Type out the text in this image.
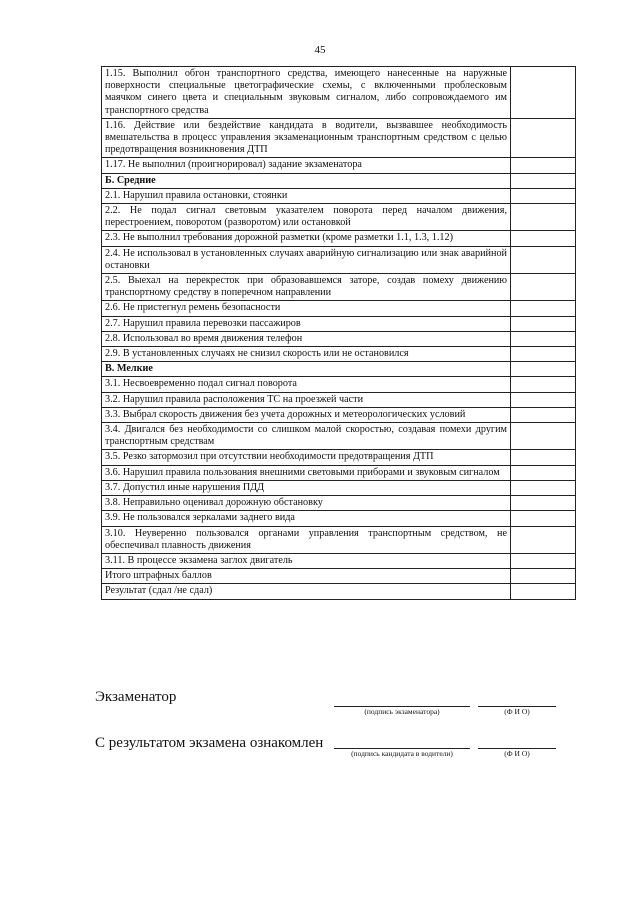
45
1.15. Выполнил обгон транспортного средства, имеющего нанесенные на наружные поверхности специальные цветографические схемы, с включенными проблесковым маячком синего цвета и специальным звуковым сигналом, либо сопровождаемого им транспортного средства	
1.16. Действие или бездействие кандидата в водители, вызвавшее необходимость вмешательства в процесс управления экзаменационным транспортным средством с целью предотвращения возникновения ДТП	
1.17. Не выполнил (проигнорировал) задание экзаменатора	
Б. Средние	
2.1. Нарушил правила остановки, стоянки	
2.2. Не подал сигнал световым указателем поворота перед началом движения, перестроением, поворотом (разворотом) или остановкой	
2.3. Не выполнил требования дорожной разметки (кроме разметки 1.1, 1.3, 1.12)	
2.4. Не использовал в установленных случаях аварийную сигнализацию или знак аварийной остановки	
2.5. Выехал на перекресток при образовавшемся заторе, создав помеху движению транспортному средству в поперечном направлении	
2.6. Не пристегнул ремень безопасности	
2.7. Нарушил правила перевозки пассажиров	
2.8. Использовал во время движения телефон	
2.9. В установленных случаях не снизил скорость или не остановился	
В. Мелкие	
3.1. Несвоевременно подал сигнал поворота	
3.2. Нарушил правила расположения ТС на проезжей части	
3.3. Выбрал скорость движения без учета дорожных и метеорологических условий	
3.4. Двигался без необходимости со слишком малой скоростью, создавая помехи другим транспортным средствам	
3.5. Резко затормозил при отсутствии необходимости предотвращения ДТП	
3.6. Нарушил правила пользования внешними световыми приборами и звуковым сигналом	
3.7. Допустил иные нарушения ПДД	
3.8. Неправильно оценивал дорожную обстановку	
3.9. Не пользовался зеркалами заднего вида	
3.10. Неуверенно пользовался органами управления транспортным средством, не обеспечивал плавность движения	
3.11. В процессе экзамена заглох двигатель	
Итого штрафных баллов	
Результат (сдал /не сдал)	
Экзаменатор
(подпись экзаменатора)	(Ф И О)
С результатом экзамена ознакомлен
(подпись кандидата в водители)	(Ф И О)
